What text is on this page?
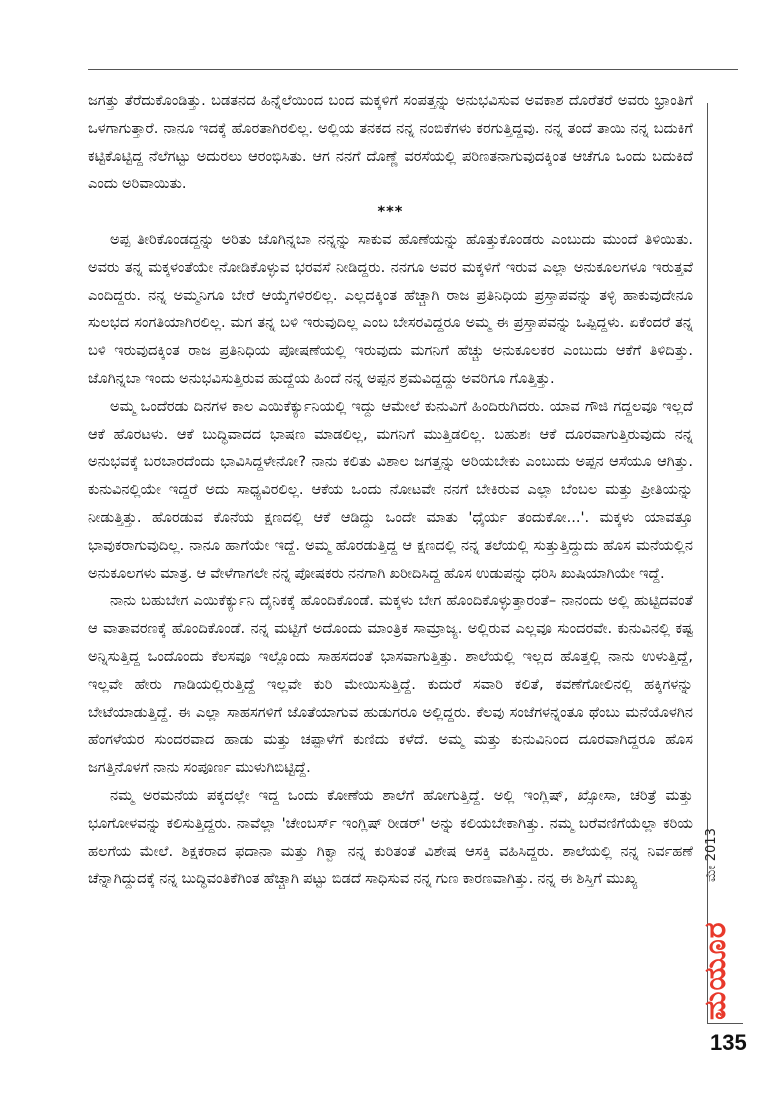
ಜಗತ್ತು ತೆರೆದುಕೊಂಡಿತ್ತು. ಬಡತನದ ಹಿನ್ನೆಲೆಯಿಂದ ಬಂದ ಮಕ್ಕಳಿಗೆ ಸಂಪತ್ತನ್ನು ಅನುಭವಿಸುವ ಅವಕಾಶ ದೊರೆತರೆ ಅವರು ಭ್ರಾಂತಿಗೆ ಒಳಗಾಗುತ್ತಾರೆ. ನಾನೂ ಇದಕ್ಕೆ ಹೊರತಾಗಿರಲಿಲ್ಲ. ಅಲ್ಲಿಯ ತನಕದ ನನ್ನ ನಂಬಿಕೆಗಳು ಕರಗುತ್ತಿದ್ದವು. ನನ್ನ ತಂದೆ ತಾಯಿ ನನ್ನ ಬದುಕಿಗೆ ಕಟ್ಟಿಕೊಟ್ಟಿದ್ದ ನೆಲೆಗಟ್ಟು ಅದುರಲು ಆರಂಭಿಸಿತು. ಆಗ ನನಗೆ ದೊಣ್ಣೆ ವರಸೆಯಲ್ಲಿ ಪರಿಣತನಾಗುವುದಕ್ಕಿಂತ ಆಚೆಗೂ ಒಂದು ಬದುಕಿದೆ ಎಂದು ಅರಿವಾಯಿತು.

***

ಅಪ್ಪ ತೀರಿಕೊಂಡದ್ದನ್ನು ಅರಿತು ಜೊಗಿನ್ನಬಾ ನನ್ನನ್ನು ಸಾಕುವ ಹೊಣೆಯನ್ನು ಹೊತ್ತುಕೊಂಡರು ಎಂಬುದು ಮುಂದೆ ತಿಳಿಯಿತು. ಅವರು ತನ್ನ ಮಕ್ಕಳಂತೆಯೇ ನೋಡಿಕೊಳ್ಳುವ ಭರವಸೆ ನೀಡಿದ್ದರು. ನನಗೂ ಅವರ ಮಕ್ಕಳಿಗೆ ಇರುವ ಎಲ್ಲಾ ಅನುಕೂಲಗಳೂ ಇರುತ್ತವೆ ಎಂದಿದ್ದರು. ನನ್ನ ಅಮ್ಮನಿಗೂ ಬೇರೆ ಆಯ್ಕೆಗಳಿರಲಿಲ್ಲ. ಎಲ್ಲದಕ್ಕಿಂತ ಹೆಚ್ಚಾಗಿ ರಾಜ ಪ್ರತಿನಿಧಿಯ ಪ್ರಸ್ತಾಪವನ್ನು ತಳ್ಳಿ ಹಾಕುವುದೇನೂ ಸುಲಭದ ಸಂಗತಿಯಾಗಿರಲಿಲ್ಲ. ಮಗ ತನ್ನ ಬಳಿ ಇರುವುದಿಲ್ಲ ಎಂಬ ಬೇಸರವಿದ್ದರೂ ಅಮ್ಮ ಈ ಪ್ರಸ್ತಾಪವನ್ನು ಒಪ್ಪಿದ್ದಳು. ಏಕೆಂದರೆ ತನ್ನ ಬಳಿ ಇರುವುದಕ್ಕಿಂತ ರಾಜ ಪ್ರತಿನಿಧಿಯ ಪೋಷಣೆಯಲ್ಲಿ ಇರುವುದು ಮಗನಿಗೆ ಹೆಚ್ಚು ಅನುಕೂಲಕರ ಎಂಬುದು ಆಕೆಗೆ ತಿಳಿದಿತ್ತು. ಜೊಗಿನ್ನಬಾ ಇಂದು ಅನುಭವಿಸುತ್ತಿರುವ ಹುದ್ದೆಯ ಹಿಂದೆ ನನ್ನ ಅಪ್ಪನ ಶ್ರಮವಿದ್ದದ್ದು ಅವರಿಗೂ ಗೊತ್ತಿತ್ತು.

ಅಮ್ಮ ಒಂದೆರಡು ದಿನಗಳ ಕಾಲ ಎಯಿಕೆರ್ಕ್ಯುನಿಯಲ್ಲಿ ಇದ್ದು ಆಮೇಲೆ ಕುನುವಿಗೆ ಹಿಂದಿರುಗಿದರು. ಯಾವ ಗೌಜಿ ಗದ್ದಲವೂ ಇಲ್ಲದೆ ಆಕೆ ಹೊರಟಳು. ಆಕೆ ಬುದ್ಧಿವಾದದ ಭಾಷಣ ಮಾಡಲಿಲ್ಲ, ಮಗನಿಗೆ ಮುತ್ತಿಡಲಿಲ್ಲ. ಬಹುಶಃ ಆಕೆ ದೂರವಾಗುತ್ತಿರುವುದು ನನ್ನ ಅನುಭವಕ್ಕೆ ಬರಬಾರದೆಂದು ಭಾವಿಸಿದ್ದಳೇನೋ? ನಾನು ಕಲಿತು ವಿಶಾಲ ಜಗತ್ತನ್ನು ಅರಿಯಬೇಕು ಎಂಬುದು ಅಪ್ಪನ ಆಸೆಯೂ ಆಗಿತ್ತು. ಕುನುವಿನಲ್ಲಿಯೇ ಇದ್ದರೆ ಅದು ಸಾಧ್ಯವಿರಲಿಲ್ಲ. ಆಕೆಯ ಒಂದು ನೋಟವೇ ನನಗೆ ಬೇಕಿರುವ ಎಲ್ಲಾ ಬೆಂಬಲ ಮತ್ತು ಪ್ರೀತಿಯನ್ನು ನೀಡುತ್ತಿತ್ತು. ಹೊರಡುವ ಕೊನೆಯ ಕ್ಷಣದಲ್ಲಿ ಆಕೆ ಆಡಿದ್ದು ಒಂದೇ ಮಾತು 'ಧೈರ್ಯ ತಂದುಕೋ...'. ಮಕ್ಕಳು ಯಾವತ್ತೂ ಭಾವುಕರಾಗುವುದಿಲ್ಲ. ನಾನೂ ಹಾಗೆಯೇ ಇದ್ದೆ. ಅಮ್ಮ ಹೊರಡುತ್ತಿದ್ದ ಆ ಕ್ಷಣದಲ್ಲಿ ನನ್ನ ತಲೆಯಲ್ಲಿ ಸುತ್ತುತ್ತಿದ್ದುದು ಹೊಸ ಮನೆಯಲ್ಲಿನ ಅನುಕೂಲಗಳು ಮಾತ್ರ. ಆ ವೇಳೆಗಾಗಲೇ ನನ್ನ ಪೋಷಕರು ನನಗಾಗಿ ಖರೀದಿಸಿದ್ದ ಹೊಸ ಉಡುಪನ್ನು ಧರಿಸಿ ಖುಷಿಯಾಗಿಯೇ ಇದ್ದೆ.

ನಾನು ಬಹುಬೇಗ ಎಯಿಕೆರ್ಕ್ಯುನಿ ದೈನಿಕಕ್ಕೆ ಹೊಂದಿಕೊಂಡೆ. ಮಕ್ಕಳು ಬೇಗ ಹೊಂದಿಕೊಳ್ಳುತ್ತಾರಂತೆ– ನಾನಂದು ಅಲ್ಲಿ ಹುಟ್ಟಿದವಂತೆ ಆ ವಾತಾವರಣಕ್ಕೆ ಹೊಂದಿಕೊಂಡೆ. ನನ್ನ ಮಟ್ಟಿಗೆ ಅದೊಂದು ಮಾಂತ್ರಿಕ ಸಾಮ್ರಾಜ್ಯ. ಅಲ್ಲಿರುವ ಎಲ್ಲವೂ ಸುಂದರವೇ. ಕುನುವಿನಲ್ಲಿ ಕಷ್ಟ ಅನ್ನಿಸುತ್ತಿದ್ದ ಒಂದೊಂದು ಕೆಲಸವೂ ಇಲ್ಲೊಂದು ಸಾಹಸದಂತೆ ಭಾಸವಾಗುತ್ತಿತ್ತು. ಶಾಲೆಯಲ್ಲಿ ಇಲ್ಲದ ಹೊತ್ತಲ್ಲಿ ನಾನು ಉಳುತ್ತಿದ್ದೆ, ಇಲ್ಲವೇ ಹೇರು ಗಾಡಿಯಲ್ಲಿರುತ್ತಿದ್ದೆ ಇಲ್ಲವೇ ಕುರಿ ಮೇಯಿಸುತ್ತಿದ್ದೆ. ಕುದುರೆ ಸವಾರಿ ಕಲಿತೆ, ಕವಣೆಗೋಲಿನಲ್ಲಿ ಹಕ್ಕಿಗಳನ್ನು ಬೇಟೆಯಾಡುತ್ತಿದ್ದೆ. ಈ ಎಲ್ಲಾ ಸಾಹಸಗಳಿಗೆ ಜೊತೆಯಾಗುವ ಹುಡುಗರೂ ಅಲ್ಲಿದ್ದರು. ಕೆಲವು ಸಂಜೆಗಳನ್ನಂತೂ ಥೆಂಬು ಮನೆಯೊಳಗಿನ ಹೆಂಗಳೆಯರ ಸುಂದರವಾದ ಹಾಡು ಮತ್ತು ಚಪ್ಪಾಳೆಗೆ ಕುಣಿದು ಕಳೆದೆ. ಅಮ್ಮ ಮತ್ತು ಕುನುವಿನಿಂದ ದೂರವಾಗಿದ್ದರೂ ಹೊಸ ಜಗತ್ತಿನೊಳಗೆ ನಾನು ಸಂಪೂರ್ಣ ಮುಳುಗಿಬಿಟ್ಟಿದ್ದೆ.

ನಮ್ಮ ಅರಮನೆಯ ಪಕ್ಕದಲ್ಲೇ ಇದ್ದ ಒಂದು ಕೋಣೆಯ ಶಾಲೆಗೆ ಹೋಗುತ್ತಿದ್ದೆ. ಅಲ್ಲಿ ಇಂಗ್ಲಿಷ್, ಖ್ಸೋಸಾ, ಚರಿತ್ರೆ ಮತ್ತು ಭೂಗೋಳವನ್ನು ಕಲಿಸುತ್ತಿದ್ದರು. ನಾವೆಲ್ಲಾ 'ಚೇಂಬರ್ಸ್ ಇಂಗ್ಲಿಷ್ ರೀಡರ್' ಅನ್ನು ಕಲಿಯಬೇಕಾಗಿತ್ತು. ನಮ್ಮ ಬರೆವಣಿಗೆಯೆಲ್ಲಾ ಕರಿಯ ಹಲಗೆಯ ಮೇಲೆ. ಶಿಕ್ಷಕರಾದ ಫದಾನಾ ಮತ್ತು ಗಿಕ್ವಾ ನನ್ನ ಕುರಿತಂತೆ ವಿಶೇಷ ಆಸಕ್ತಿ ವಹಿಸಿದ್ದರು. ಶಾಲೆಯಲ್ಲಿ ನನ್ನ ನಿರ್ವಹಣೆ ಚೆನ್ನಾಗಿದ್ದುದಕ್ಕೆ ನನ್ನ ಬುದ್ಧಿವಂತಿಕೆಗಿಂತ ಹೆಚ್ಚಾಗಿ ಪಟ್ಟು ಬಿಡದೆ ಸಾಧಿಸುವ ನನ್ನ ಗುಣ ಕಾರಣವಾಗಿತ್ತು. ನನ್ನ ಈ ಶಿಸ್ತಿಗೆ ಮುಖ್ಯ	ಮೇ 2013
ಮಯೂರ
135
